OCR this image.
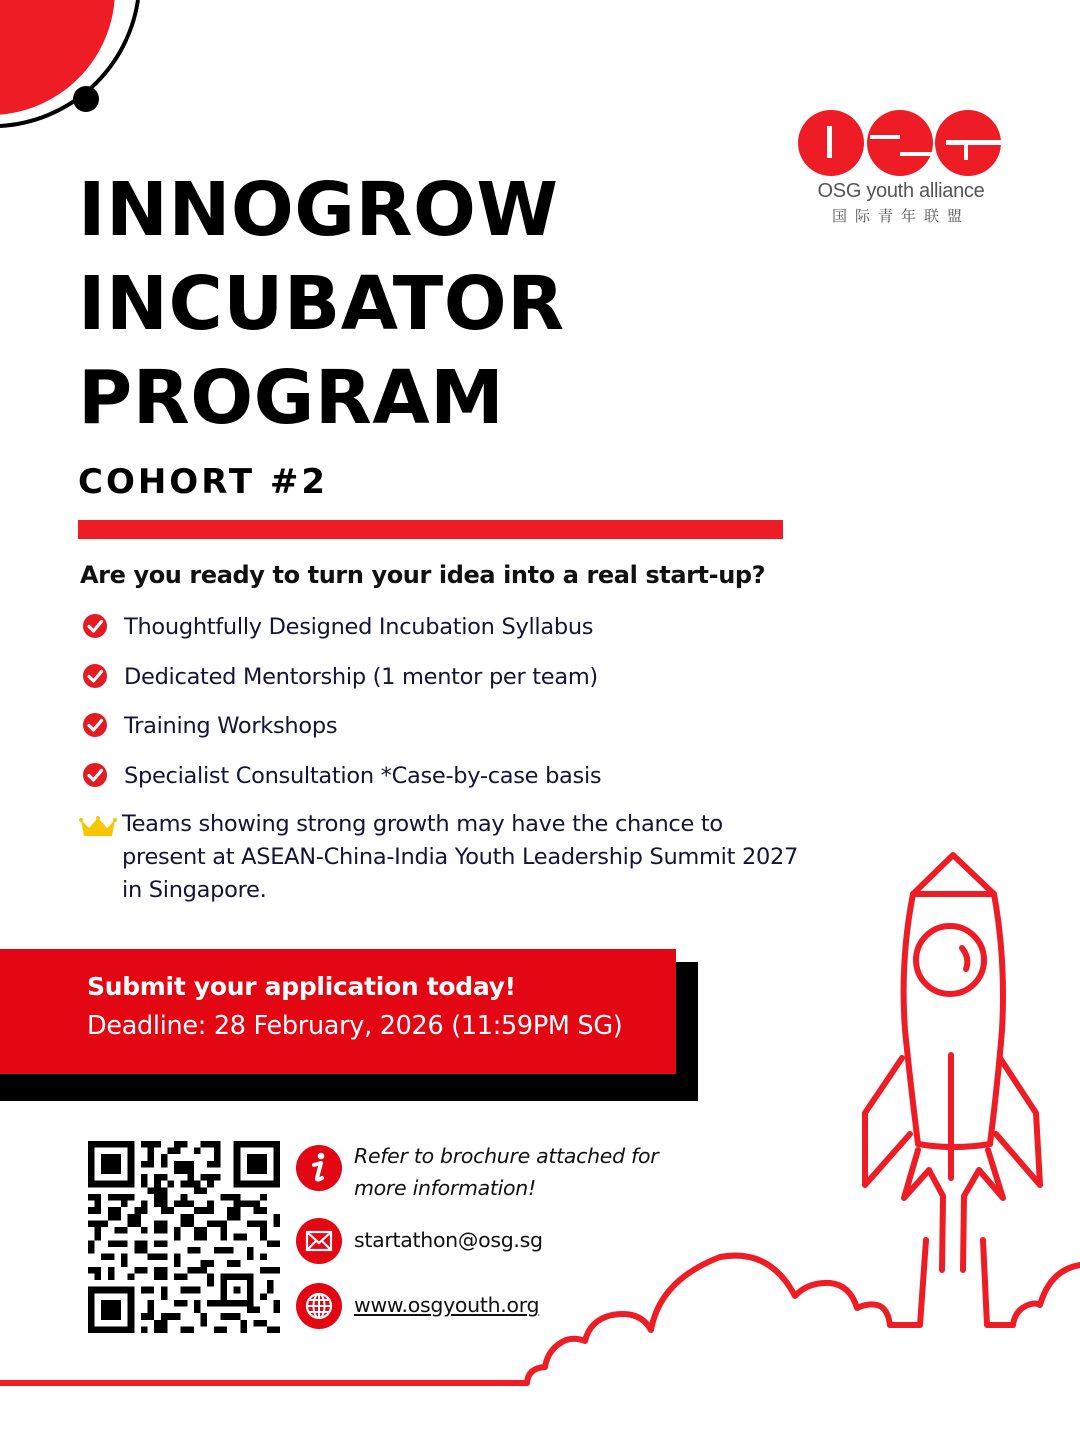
OSG youth alliance
国际青年联盟
INNOGROW
INCUBATOR
PROGRAM
COHORT #2
Are you ready to turn your idea into a real start-up?
Thoughtfully Designed Incubation Syllabus
Dedicated Mentorship (1 mentor per team)
Training Workshops
Specialist Consultation *Case-by-case basis
Teams showing strong growth may have the chance to present at ASEAN-China-India Youth Leadership Summit 2027 in Singapore.
Submit your application today!
Deadline: 28 February, 2026 (11:59PM SG)
Refer to brochure attached for more information!
startathon@osg.sg
www.osgyouth.org
